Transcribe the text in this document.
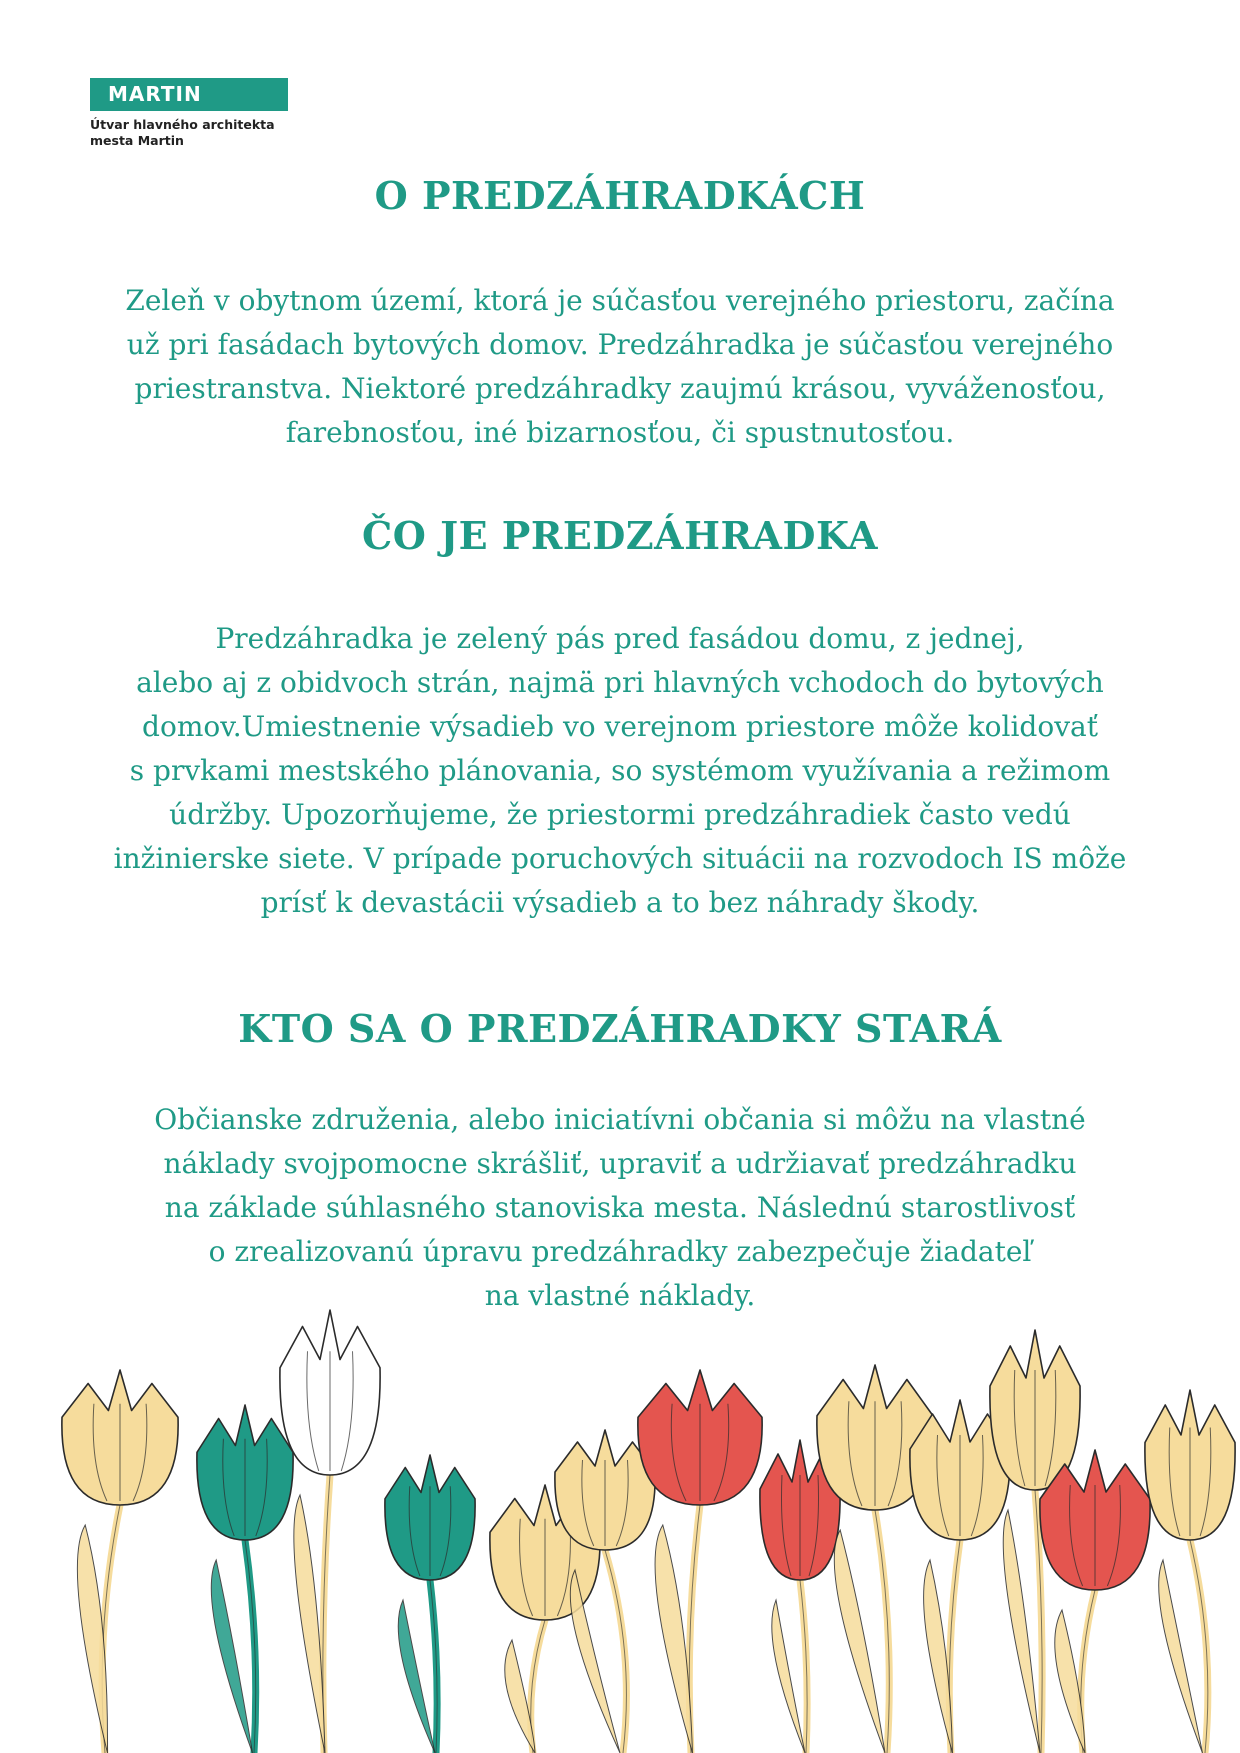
MARTIN
Útvar hlavného architekta
mesta Martin
O PREDZÁHRADKÁCH
Zeleň v obytnom území, ktorá je súčasťou verejného priestoru, začína
už pri fasádach bytových domov. Predzáhradka je súčasťou verejného
priestranstva. Niektoré predzáhradky zaujmú krásou, vyváženosťou,
farebnosťou, iné bizarnosťou, či spustnutosťou.
ČO JE PREDZÁHRADKA
Predzáhradka je zelený pás pred fasádou domu, z jednej,
alebo aj z obidvoch strán, najmä pri hlavných vchodoch do bytových
domov.Umiestnenie výsadieb vo verejnom priestore môže kolidovať
s prvkami mestského plánovania, so systémom využívania a režimom
údržby. Upozorňujeme, že priestormi predzáhradiek často vedú
inžinierske siete. V prípade poruchových situácii na rozvodoch IS môže
prísť k devastácii výsadieb a to bez náhrady škody.
KTO SA O PREDZÁHRADKY STARÁ
Občianske združenia, alebo iniciatívni občania si môžu na vlastné
náklady svojpomocne skrášliť, upraviť a udržiavať predzáhradku
na základe súhlasného stanoviska mesta. Následnú starostlivosť
o zrealizovanú úpravu predzáhradky zabezpečuje žiadateľ
na vlastné náklady.
